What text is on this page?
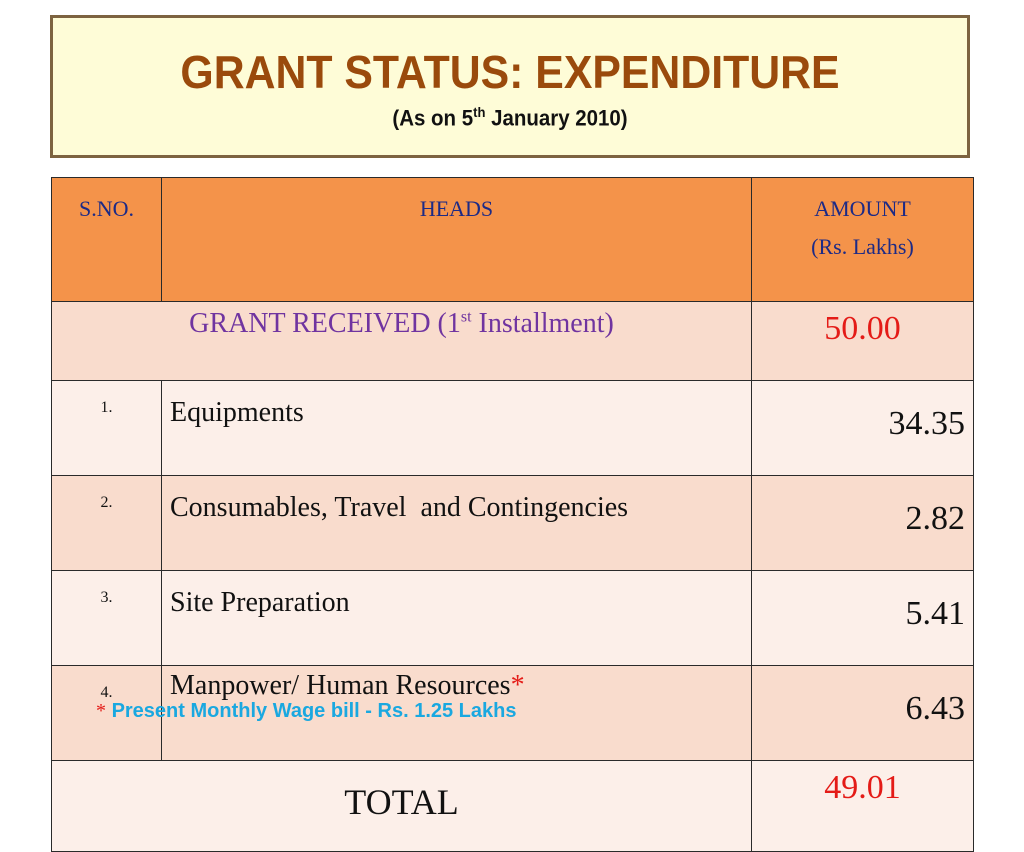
GRANT STATUS: EXPENDITURE
(As on 5th January 2010)
S.NO.	HEADS	AMOUNT
(Rs. Lakhs)

GRANT RECEIVED (1st Installment)		50.00
1.	Equipments	34.35
2.	Consumables, Travel  and Contingencies	2.82
3.	Site Preparation	5.41
4.	Manpower/ Human Resources*	6.43
TOTAL		49.01
* Present Monthly Wage bill - Rs. 1.25 Lakhs
